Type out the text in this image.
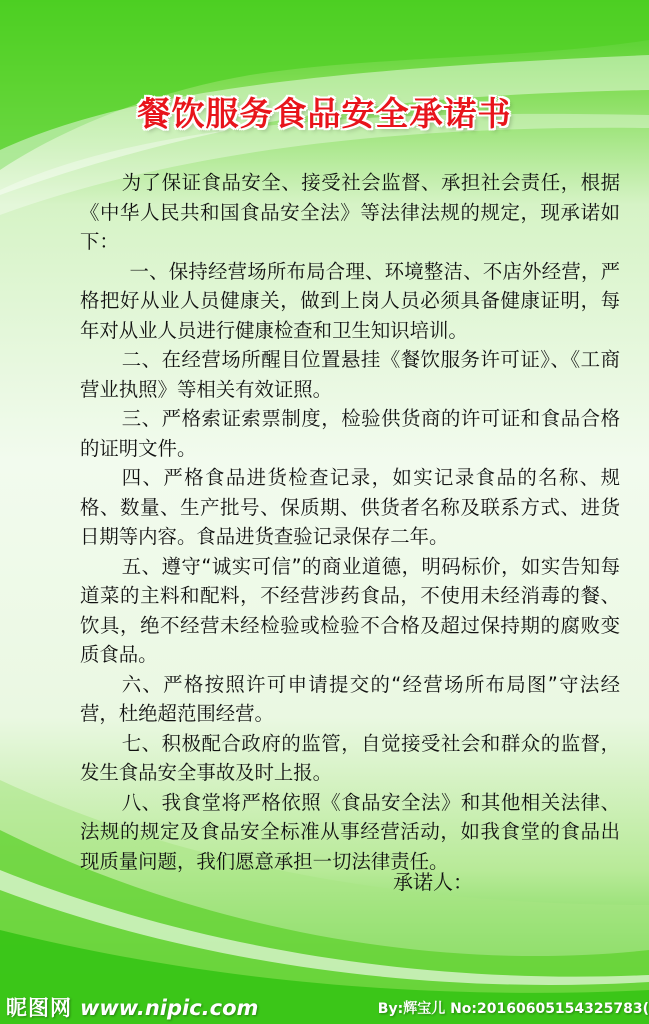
餐饮服务食品安全承诺书

为了保证食品安全、接受社会监督、承担社会责任，根据《中华人民共和国食品安全法》等法律法规的规定，现承诺如下：

一、保持经营场所布局合理、环境整洁、不店外经营，严格把好从业人员健康关，做到上岗人员必须具备健康证明，每年对从业人员进行健康检查和卫生知识培训。

二、在经营场所醒目位置悬挂《餐饮服务许可证》、《工商营业执照》等相关有效证照。

三、严格索证索票制度，检验供货商的许可证和食品合格的证明文件。

四、严格食品进货检查记录，如实记录食品的名称、规格、数量、生产批号、保质期、供货者名称及联系方式、进货日期等内容。食品进货查验记录保存二年。

五、遵守“诚实可信”的商业道德，明码标价，如实告知每道菜的主料和配料，不经营涉药食品，不使用未经消毒的餐、饮具，绝不经营未经检验或检验不合格及超过保持期的腐败变质食品。

六、严格按照许可申请提交的“经营场所布局图”守法经营，杜绝超范围经营。

七、积极配合政府的监管，自觉接受社会和群众的监督，发生食品安全事故及时上报。

八、我食堂将严格依照《食品安全法》和其他相关法律、法规的规定及食品安全标准从事经营活动，如我食堂的食品出现质量问题，我们愿意承担一切法律责任。

承诺人：
昵图网 www.nipic.com	By:辉宝儿 No:20160605154325783(
